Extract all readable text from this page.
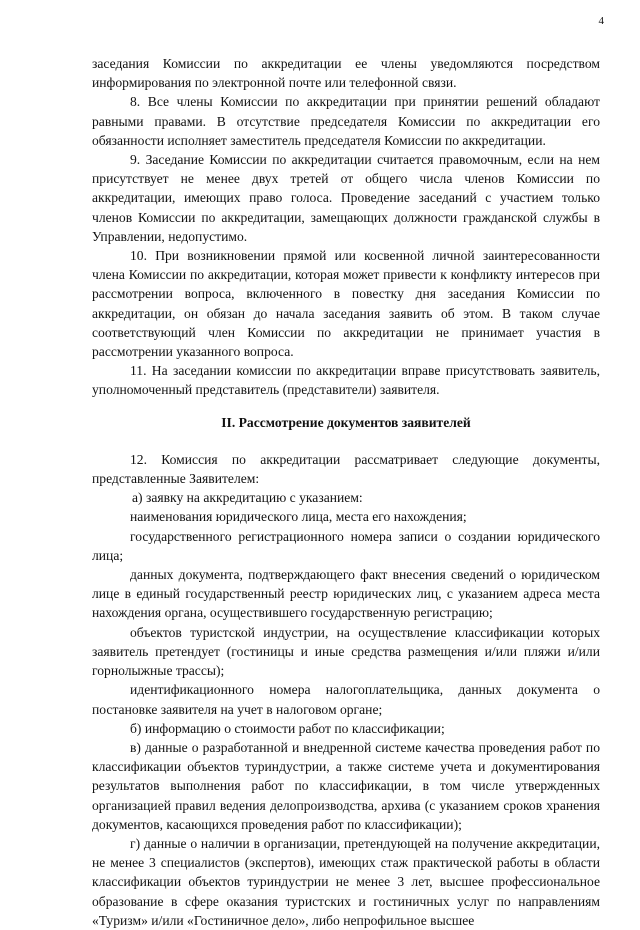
4

заседания Комиссии по аккредитации ее члены уведомляются посредством информирования по электронной почте или телефонной связи.

8. Все члены Комиссии по аккредитации при принятии решений обладают равными правами. В отсутствие председателя Комиссии по аккредитации его обязанности исполняет заместитель председателя Комиссии по аккредитации.

9. Заседание Комиссии по аккредитации считается правомочным, если на нем присутствует не менее двух третей от общего числа членов Комиссии по аккредитации, имеющих право голоса. Проведение заседаний с участием только членов Комиссии по аккредитации, замещающих должности гражданской службы в Управлении, недопустимо.

10. При возникновении прямой или косвенной личной заинтересованности члена Комиссии по аккредитации, которая может привести к конфликту интересов при рассмотрении вопроса, включенного в повестку дня заседания Комиссии по аккредитации, он обязан до начала заседания заявить об этом. В таком случае соответствующий член Комиссии по аккредитации не принимает участия в рассмотрении указанного вопроса.

11. На заседании комиссии по аккредитации вправе присутствовать заявитель, уполномоченный представитель (представители) заявителя.

II. Рассмотрение документов заявителей

12. Комиссия по аккредитации рассматривает следующие документы, представленные Заявителем:

а) заявку на аккредитацию с указанием:

наименования юридического лица, места его нахождения;

государственного регистрационного номера записи о создании юридического лица;

данных документа, подтверждающего факт внесения сведений о юридическом лице в единый государственный реестр юридических лиц, с указанием адреса места нахождения органа, осуществившего государственную регистрацию;

объектов туристской индустрии, на осуществление классификации которых заявитель претендует (гостиницы и иные средства размещения и/или пляжи и/или горнолыжные трассы);

идентификационного номера налогоплательщика, данных документа о постановке заявителя на учет в налоговом органе;

б) информацию о стоимости работ по классификации;

в) данные о разработанной и внедренной системе качества проведения работ по классификации объектов туриндустрии, а также системе учета и документирования результатов выполнения работ по классификации, в том числе утвержденных организацией правил ведения делопроизводства, архива (с указанием сроков хранения документов, касающихся проведения работ по классификации);

г) данные о наличии в организации, претендующей на получение аккредитации, не менее 3 специалистов (экспертов), имеющих стаж практической работы в области классификации объектов туриндустрии не менее 3 лет, высшее профессиональное образование в сфере оказания туристских и гостиничных услуг по направлениям «Туризм» и/или «Гостиничное дело», либо непрофильное высшее
